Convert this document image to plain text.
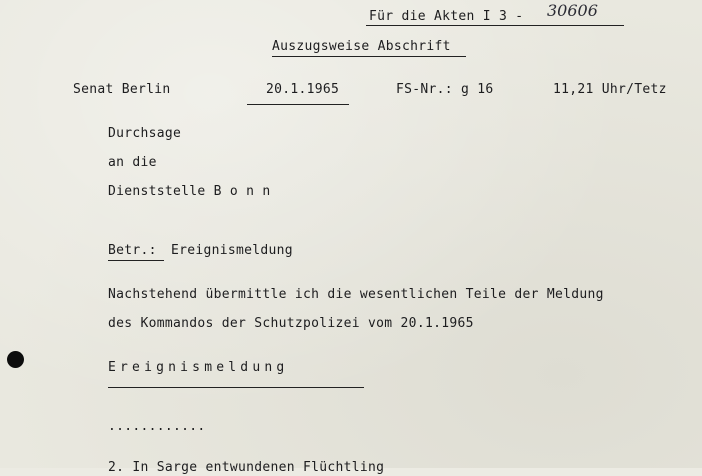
Für die Akten I 3 - 30606
Auszugsweise Abschrift
Senat Berlin	20.1.1965	FS-Nr.: g 16	11,21 Uhr/Tetz
Durchsage
an die
Dienststelle B o n n
Betr.: Ereignismeldung
Nachstehend übermittle ich die wesentlichen Teile der Meldung
des Kommandos der Schutzpolizei vom 20.1.1965
Ereignismeldung
............
2. In Sarge entwundenen Flüchtling
